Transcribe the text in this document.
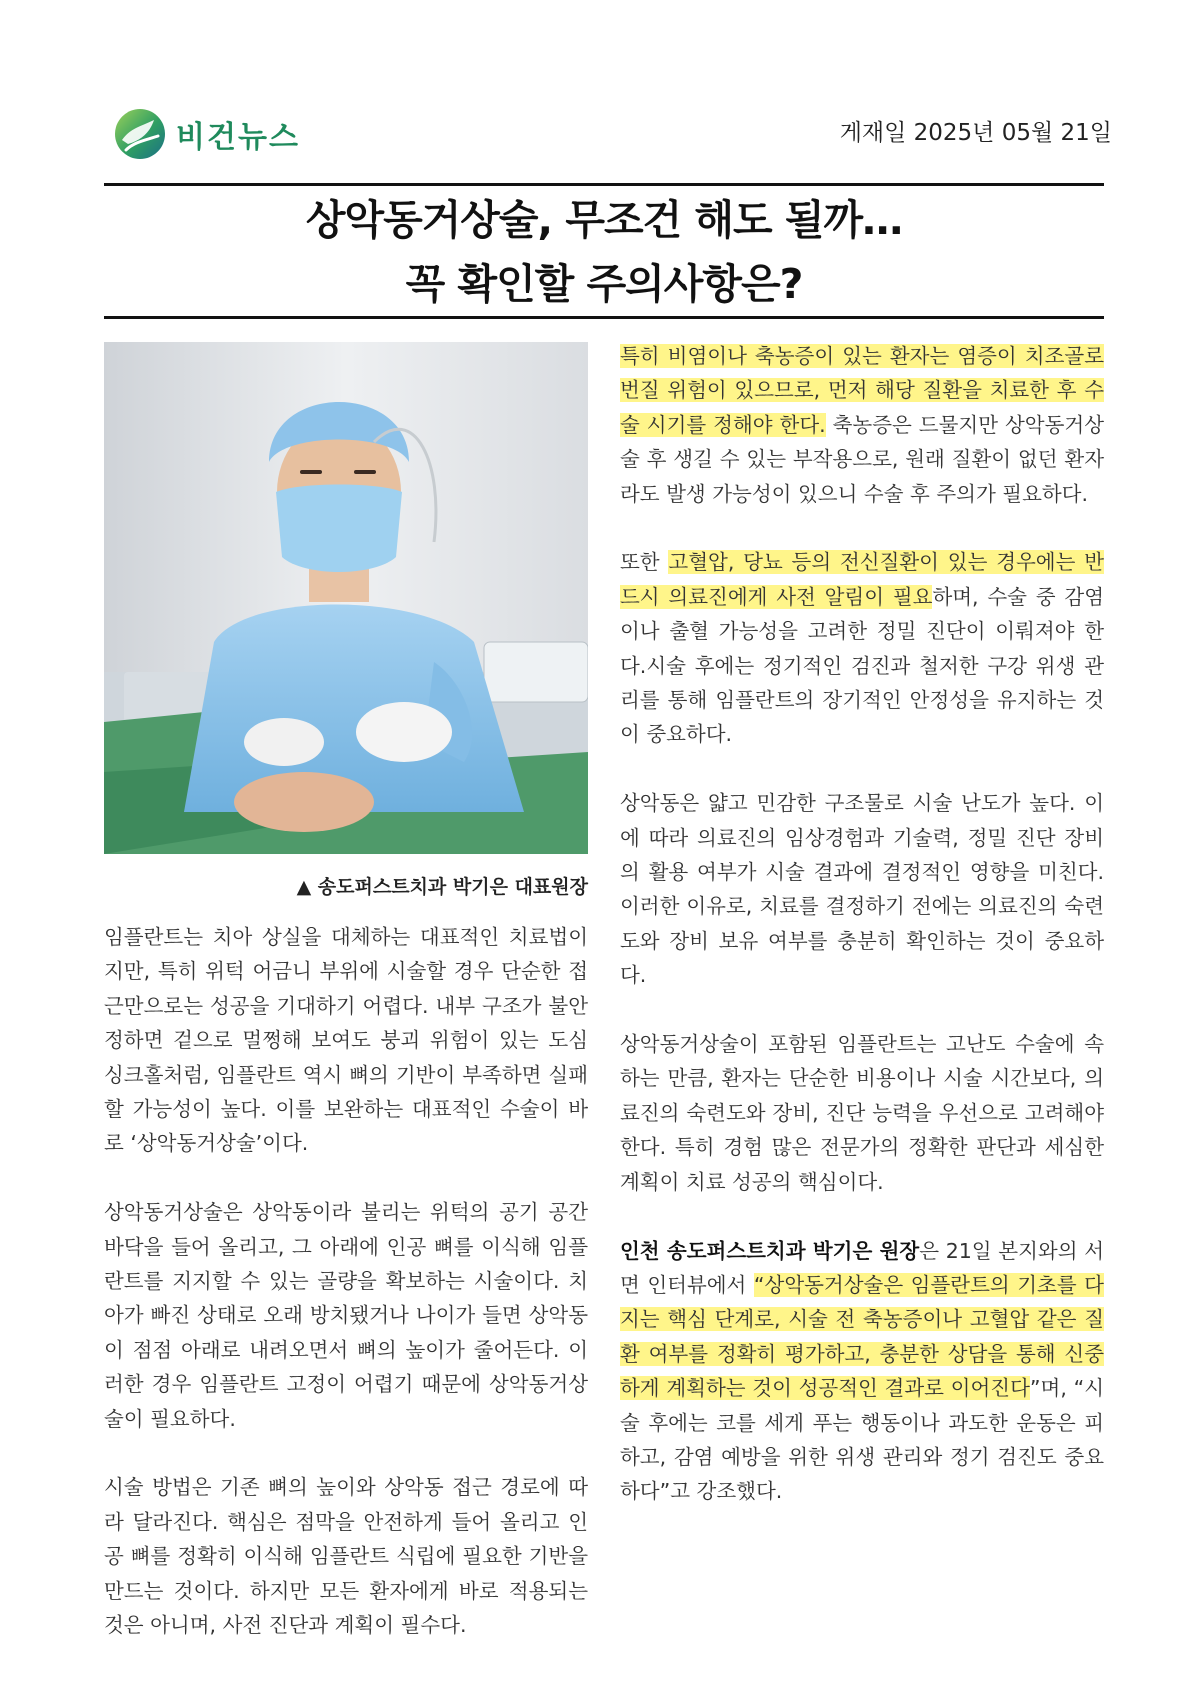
비건뉴스	게재일 2025년 05월 21일
상악동거상술, 무조건 해도 될까…
꼭 확인할 주의사항은?
▲ 송도퍼스트치과 박기은 대표원장

임플란트는 치아 상실을 대체하는 대표적인 치료법이지만, 특히 위턱 어금니 부위에 시술할 경우 단순한 접근만으로는 성공을 기대하기 어렵다. 내부 구조가 불안정하면 겉으로 멀쩡해 보여도 붕괴 위험이 있는 도심 싱크홀처럼, 임플란트 역시 뼈의 기반이 부족하면 실패할 가능성이 높다. 이를 보완하는 대표적인 수술이 바로 ‘상악동거상술’이다.

상악동거상술은 상악동이라 불리는 위턱의 공기 공간 바닥을 들어 올리고, 그 아래에 인공 뼈를 이식해 임플란트를 지지할 수 있는 골량을 확보하는 시술이다. 치아가 빠진 상태로 오래 방치됐거나 나이가 들면 상악동이 점점 아래로 내려오면서 뼈의 높이가 줄어든다. 이러한 경우 임플란트 고정이 어렵기 때문에 상악동거상술이 필요하다.

시술 방법은 기존 뼈의 높이와 상악동 접근 경로에 따라 달라진다. 핵심은 점막을 안전하게 들어 올리고 인공 뼈를 정확히 이식해 임플란트 식립에 필요한 기반을 만드는 것이다. 하지만 모든 환자에게 바로 적용되는 것은 아니며, 사전 진단과 계획이 필수다.

특히 비염이나 축농증이 있는 환자는 염증이 치조골로 번질 위험이 있으므로, 먼저 해당 질환을 치료한 후 수술 시기를 정해야 한다. 축농증은 드물지만 상악동거상술 후 생길 수 있는 부작용으로, 원래 질환이 없던 환자라도 발생 가능성이 있으니 수술 후 주의가 필요하다.

또한 고혈압, 당뇨 등의 전신질환이 있는 경우에는 반드시 의료진에게 사전 알림이 필요하며, 수술 중 감염이나 출혈 가능성을 고려한 정밀 진단이 이뤄져야 한다.시술 후에는 정기적인 검진과 철저한 구강 위생 관리를 통해 임플란트의 장기적인 안정성을 유지하는 것이 중요하다.

상악동은 얇고 민감한 구조물로 시술 난도가 높다. 이에 따라 의료진의 임상경험과 기술력, 정밀 진단 장비의 활용 여부가 시술 결과에 결정적인 영향을 미친다. 이러한 이유로, 치료를 결정하기 전에는 의료진의 숙련도와 장비 보유 여부를 충분히 확인하는 것이 중요하다.

상악동거상술이 포함된 임플란트는 고난도 수술에 속하는 만큼, 환자는 단순한 비용이나 시술 시간보다, 의료진의 숙련도와 장비, 진단 능력을 우선으로 고려해야 한다. 특히 경험 많은 전문가의 정확한 판단과 세심한 계획이 치료 성공의 핵심이다.

인천 송도퍼스트치과 박기은 원장은 21일 본지와의 서면 인터뷰에서 “상악동거상술은 임플란트의 기초를 다지는 핵심 단계로, 시술 전 축농증이나 고혈압 같은 질환 여부를 정확히 평가하고, 충분한 상담을 통해 신중하게 계획하는 것이 성공적인 결과로 이어진다”며, “시술 후에는 코를 세게 푸는 행동이나 과도한 운동은 피하고, 감염 예방을 위한 위생 관리와 정기 검진도 중요하다”고 강조했다.
